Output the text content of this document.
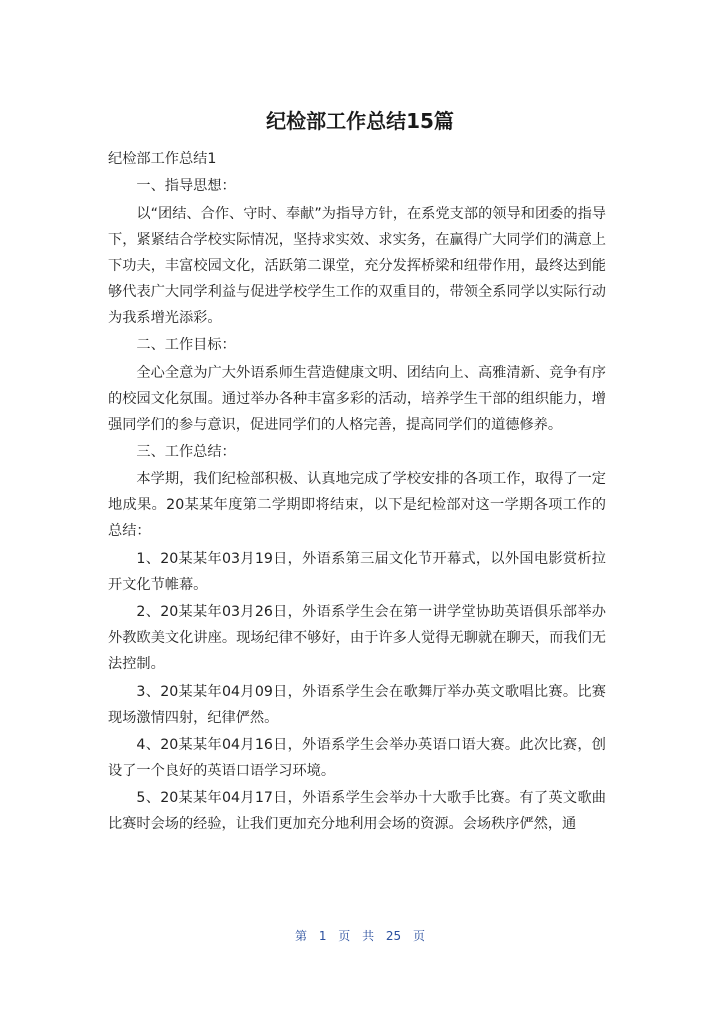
纪检部工作总结15篇

纪检部工作总结1

一、指导思想：

以“团结、合作、守时、奉献”为指导方针，在系党支部的领导和团委的指导下，紧紧结合学校实际情况，坚持求实效、求实务，在赢得广大同学们的满意上下功夫，丰富校园文化，活跃第二课堂，充分发挥桥梁和纽带作用，最终达到能够代表广大同学利益与促进学校学生工作的双重目的，带领全系同学以实际行动为我系增光添彩。

二、工作目标：

全心全意为广大外语系师生营造健康文明、团结向上、高雅清新、竞争有序的校园文化氛围。通过举办各种丰富多彩的活动，培养学生干部的组织能力，增强同学们的参与意识，促进同学们的人格完善，提高同学们的道德修养。

三、工作总结：

本学期，我们纪检部积极、认真地完成了学校安排的各项工作，取得了一定地成果。20某某年度第二学期即将结束，以下是纪检部对这一学期各项工作的总结：

1、20某某年03月19日，外语系第三届文化节开幕式，以外国电影赏析拉开文化节帷幕。

2、20某某年03月26日，外语系学生会在第一讲学堂协助英语俱乐部举办外教欧美文化讲座。现场纪律不够好，由于许多人觉得无聊就在聊天，而我们无法控制。

3、20某某年04月09日，外语系学生会在歌舞厅举办英文歌唱比赛。比赛现场激情四射，纪律俨然。

4、20某某年04月16日，外语系学生会举办英语口语大赛。此次比赛，创设了一个良好的英语口语学习环境。

5、20某某年04月17日，外语系学生会举办十大歌手比赛。有了英文歌曲比赛时会场的经验，让我们更加充分地利用会场的资源。会场秩序俨然，通

第 1 页 共 25 页
